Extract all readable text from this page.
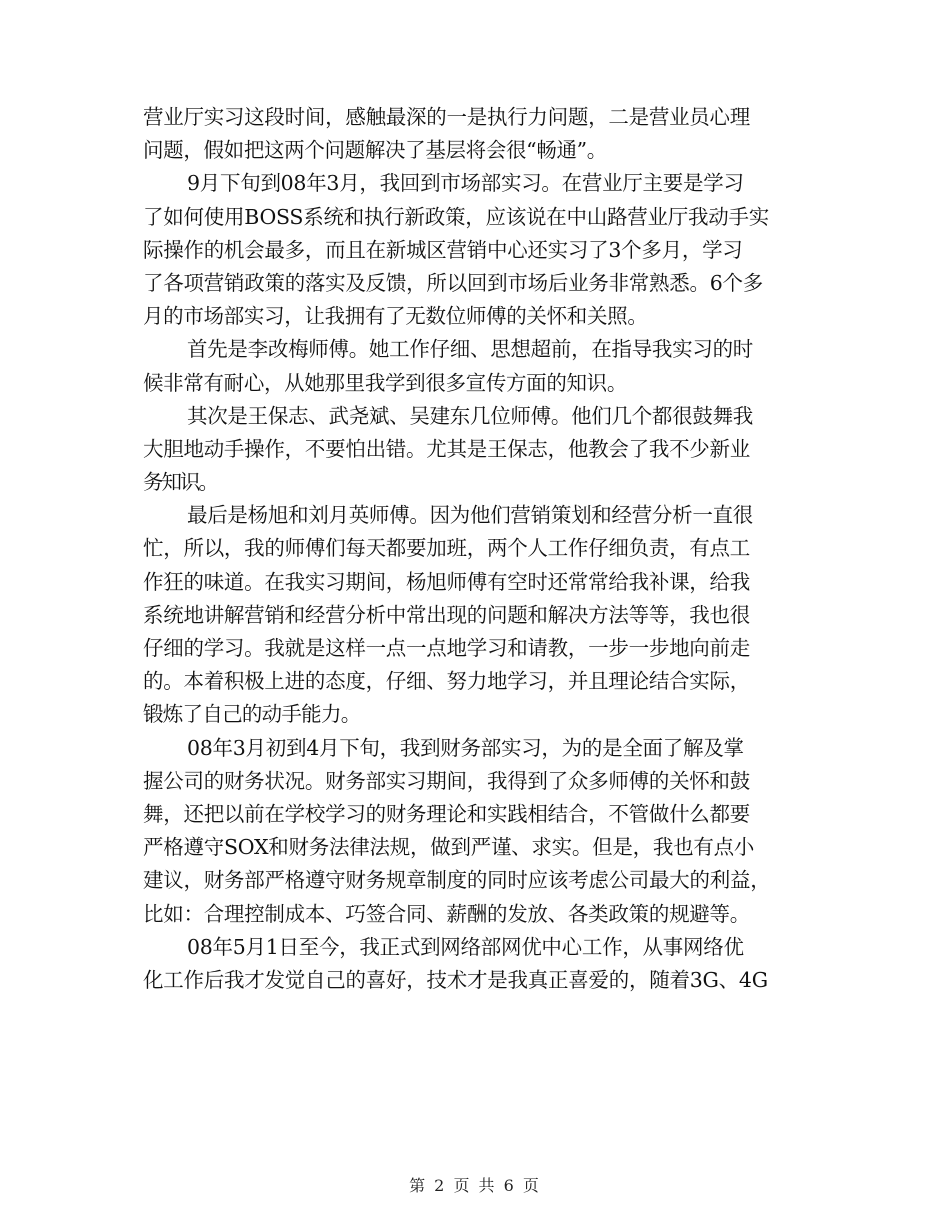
营业厅实习这段时间，感触最深的一是执行力问题，二是营业员心理
问题，假如把这两个问题解决了基层将会很“畅通”。
9月下旬到08年3月，我回到市场部实习。在营业厅主要是学习
了如何使用BOSS系统和执行新政策，应该说在中山路营业厅我动手实
际操作的机会最多，而且在新城区营销中心还实习了3个多月，学习
了各项营销政策的落实及反馈，所以回到市场后业务非常熟悉。6个多
月的市场部实习，让我拥有了无数位师傅的关怀和关照。
首先是李改梅师傅。她工作仔细、思想超前，在指导我实习的时
候非常有耐心，从她那里我学到很多宣传方面的知识。
其次是王保志、武尧斌、吴建东几位师傅。他们几个都很鼓舞我
大胆地动手操作，不要怕出错。尤其是王保志，他教会了我不少新业
务知识。
最后是杨旭和刘月英师傅。因为他们营销策划和经营分析一直很
忙，所以，我的师傅们每天都要加班，两个人工作仔细负责，有点工
作狂的味道。在我实习期间，杨旭师傅有空时还常常给我补课，给我
系统地讲解营销和经营分析中常出现的问题和解决方法等等，我也很
仔细的学习。我就是这样一点一点地学习和请教，一步一步地向前走
的。本着积极上进的态度，仔细、努力地学习，并且理论结合实际，
锻炼了自己的动手能力。
08年3月初到4月下旬，我到财务部实习，为的是全面了解及掌
握公司的财务状况。财务部实习期间，我得到了众多师傅的关怀和鼓
舞，还把以前在学校学习的财务理论和实践相结合，不管做什么都要
严格遵守SOX和财务法律法规，做到严谨、求实。但是，我也有点小
建议，财务部严格遵守财务规章制度的同时应该考虑公司最大的利益，
比如：合理控制成本、巧签合同、薪酬的发放、各类政策的规避等。
08年5月1日至今，我正式到网络部网优中心工作，从事网络优
化工作后我才发觉自己的喜好，技术才是我真正喜爱的，随着3G、4G
第 2 页 共 6 页
